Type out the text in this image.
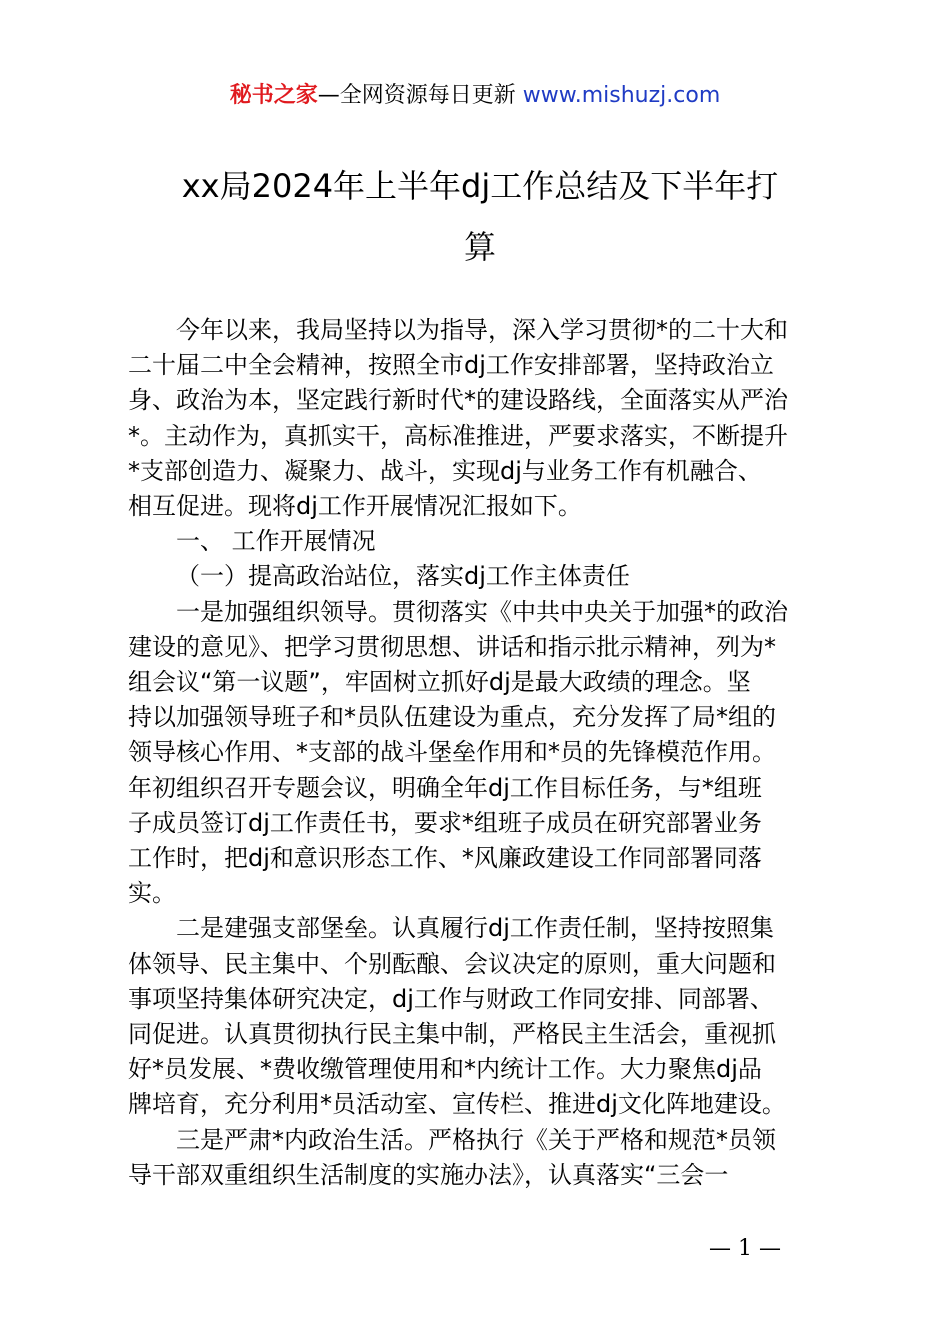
秘书之家—全网资源每日更新 www.mishuzj.com
xx局2024年上半年dj工作总结及下半年打
算

今年以来，我局坚持以为指导，深入学习贯彻*的二十大和

二十届二中全会精神，按照全市dj工作安排部署，坚持政治立

身、政治为本，坚定践行新时代*的建设路线，全面落实从严治

*。主动作为，真抓实干，高标准推进，严要求落实，不断提升

*支部创造力、凝聚力、战斗，实现dj与业务工作有机融合、

相互促进。现将dj工作开展情况汇报如下。

一、 工作开展情况

（一）提高政治站位，落实dj工作主体责任

一是加强组织领导。贯彻落实《中共中央关于加强*的政治

建设的意见》、把学习贯彻思想、讲话和指示批示精神，列为*

组会议“第一议题”，牢固树立抓好dj是最大政绩的理念。坚

持以加强领导班子和*员队伍建设为重点，充分发挥了局*组的

领导核心作用、*支部的战斗堡垒作用和*员的先锋模范作用。

年初组织召开专题会议，明确全年dj工作目标任务，与*组班

子成员签订dj工作责任书，要求*组班子成员在研究部署业务

工作时，把dj和意识形态工作、*风廉政建设工作同部署同落

实。

二是建强支部堡垒。认真履行dj工作责任制，坚持按照集

体领导、民主集中、个别酝酿、会议决定的原则，重大问题和

事项坚持集体研究决定，dj工作与财政工作同安排、同部署、

同促进。认真贯彻执行民主集中制，严格民主生活会，重视抓

好*员发展、*费收缴管理使用和*内统计工作。大力聚焦dj品

牌培育，充分利用*员活动室、宣传栏、推进dj文化阵地建设。

三是严肃*内政治生活。严格执行《关于严格和规范*员领

导干部双重组织生活制度的实施办法》，认真落实“三会一

— 1 —
